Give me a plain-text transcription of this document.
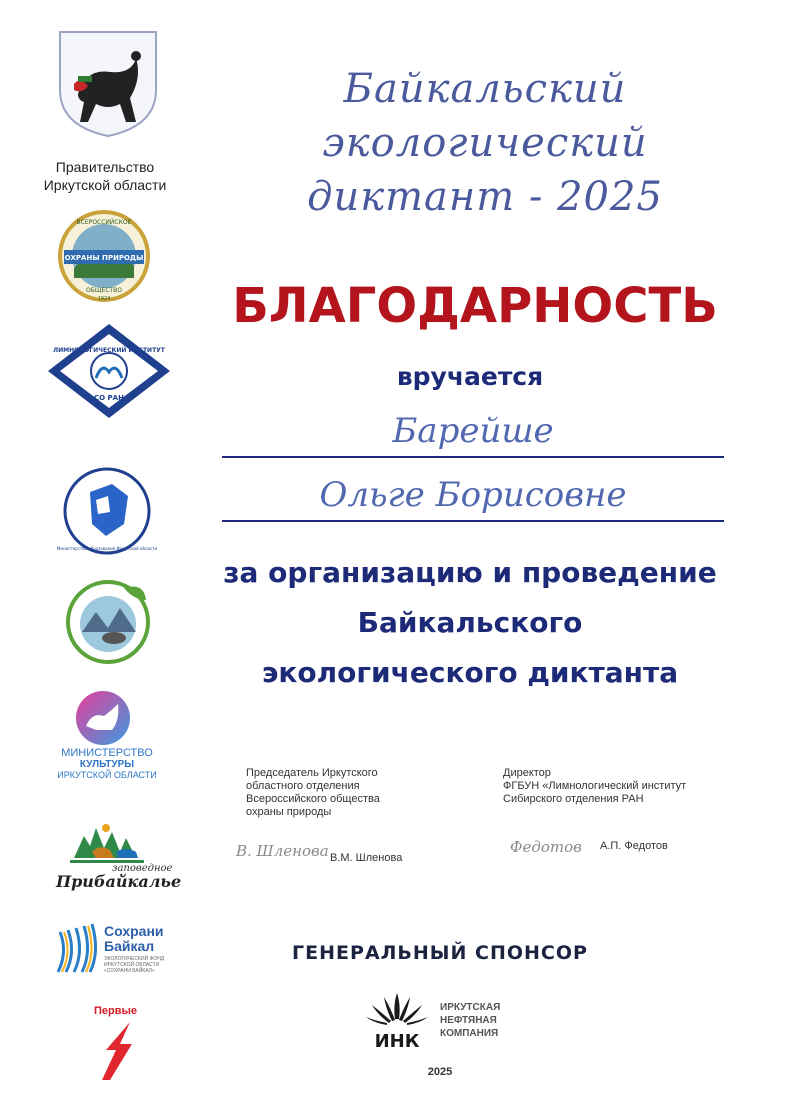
Правительство
Иркутской области
ОХРАНЫ ПРИРОДЫ
ВСЕРОССИЙСКОЕ
ОБЩЕСТВО
1924
ЛИМНОЛОГИЧЕСКИЙ ИНСТИТУТ
СО РАН
Министерство образования Иркутской области
МИНИСТЕРСТВО
КУЛЬТУРЫ
ИРКУТСКОЙ ОБЛАСТИ
заповедное
Прибайкалье
Сохрани
Байкал
ЭКОЛОГИЧЕСКИЙ ФОНД ИРКУТСКОЙ ОБЛАСТИ «СОХРАНИ БАЙКАЛ»
Первые
Байкальский экологический
диктант - 2025
БЛАГОДАРНОСТЬ
вручается
Барейше
Ольге Борисовне
за организацию и проведение
Байкальского
экологического диктанта
Председатель Иркутского
областного отделения
Всероссийского общества
охраны природы
В. Шленова В.М. Шленова
Директор
ФГБУН «Лимнологический институт
Сибирского отделения РАН
Федотов А.П. Федотов
ГЕНЕРАЛЬНЫЙ СПОНСОР
ИНК
ИРКУТСКАЯ
НЕФТЯНАЯ
КОМПАНИЯ
2025
